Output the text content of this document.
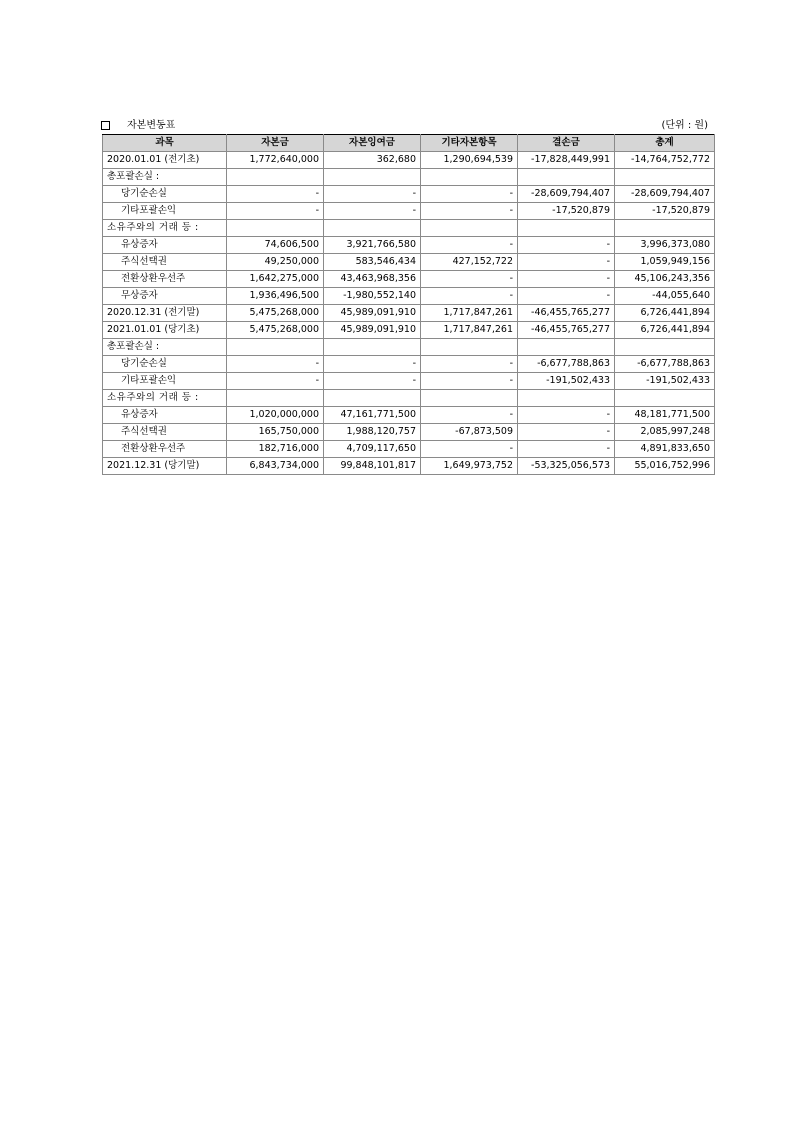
자본변동표	(단위 : 원)
과목	자본금	자본잉여금	기타자본항목	결손금	총계
2020.01.01 (전기초)	1,772,640,000	362,680	1,290,694,539	-17,828,449,991	-14,764,752,772
총포괄손실 :					
당기순손실	-	-	-	-28,609,794,407	-28,609,794,407
기타포괄손익	-	-	-	-17,520,879	-17,520,879
소유주와의 거래 등 :					
유상증자	74,606,500	3,921,766,580	-	-	3,996,373,080
주식선택권	49,250,000	583,546,434	427,152,722	-	1,059,949,156
전환상환우선주	1,642,275,000	43,463,968,356	-	-	45,106,243,356
무상증자	1,936,496,500	-1,980,552,140	-	-	-44,055,640
2020.12.31 (전기말)	5,475,268,000	45,989,091,910	1,717,847,261	-46,455,765,277	6,726,441,894
2021.01.01 (당기초)	5,475,268,000	45,989,091,910	1,717,847,261	-46,455,765,277	6,726,441,894
총포괄손실 :					
당기순손실	-	-	-	-6,677,788,863	-6,677,788,863
기타포괄손익	-	-	-	-191,502,433	-191,502,433
소유주와의 거래 등 :					
유상증자	1,020,000,000	47,161,771,500	-	-	48,181,771,500
주식선택권	165,750,000	1,988,120,757	-67,873,509	-	2,085,997,248
전환상환우선주	182,716,000	4,709,117,650	-	-	4,891,833,650
2021.12.31 (당기말)	6,843,734,000	99,848,101,817	1,649,973,752	-53,325,056,573	55,016,752,996
